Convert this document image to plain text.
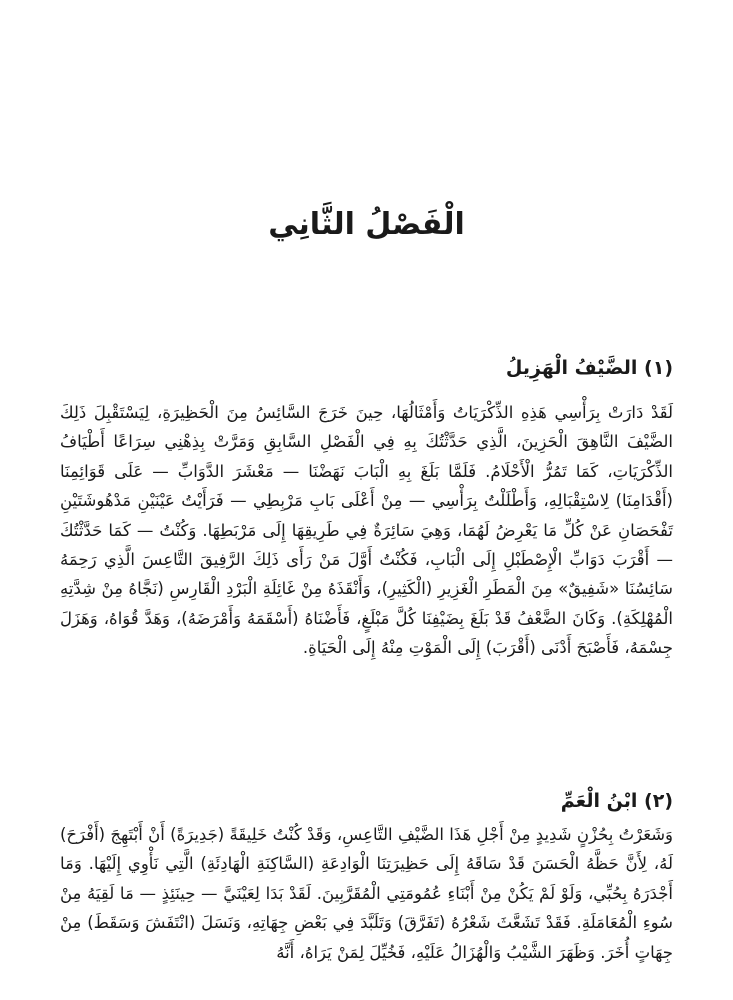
الْفَصْلُ الثَّانِي
(١) الضَّيْفُ الْهَزِيلُ

لَقَدْ دَارَتْ بِرَأْسِي هَذِهِ الذِّكْرَيَاتُ وَأَمْثَالُهَا، حِينَ خَرَجَ السَّائِسُ مِنَ الْحَظِيرَةِ، لِيَسْتَقْبِلَ ذَلِكَ الضَّيْفَ النَّاهِقَ الْحَزِينَ، الَّذِي حَدَّثْتُكَ بِهِ فِي الْفَصْلِ السَّابِقِ وَمَرَّتْ بِذِهْنِي سِرَاعًا أَطْيَافُ الذِّكْرَيَاتِ، كَمَا تَمُرُّ الْأَحْلَامُ. فَلَمَّا بَلَغَ بِهِ الْبَابَ نَهَضْنَا — مَعْشَرَ الدَّوَابِّ — عَلَى قَوَائِمِنَا (أَقْدَامِنَا) لِاسْتِقْبَالِهِ، وَأَطْلَلْتُ بِرَأْسِي — مِنْ أَعْلَى بَابِ مَرْبِطِي — فَرَأَيْتُ عَيْنَيْنِ مَدْهُوشَتَيْنِ تَفْحَصَانِ عَنْ كُلِّ مَا يَعْرِضُ لَهُمَا، وَهِيَ سَائِرَةٌ فِي طَرِيقِهَا إِلَى مَرْبَطِهَا. وَكُنْتُ — كَمَا حَدَّثْتُكَ — أَقْرَبَ دَوَابِّ الْإِصْطَبْلِ إِلَى الْبَابِ، فَكُنْتُ أَوَّلَ مَنْ رَأَى ذَلِكَ الرَّفِيقَ التَّاعِسَ الَّذِي رَحِمَهُ سَائِسُنَا «شَفِيقٌ» مِنَ الْمَطَرِ الْغَزِيرِ (الْكَثِيرِ)، وَأَنْقَذَهُ مِنْ غَائِلَةِ الْبَرْدِ الْقَارِسِ (نَجَّاهُ مِنْ شِدَّتِهِ الْمُهْلِكَةِ). وَكَانَ الضَّعْفُ قَدْ بَلَغَ بِضَيْفِنَا كُلَّ مَبْلَغٍ، فَأَضْنَاهُ (أَسْقَمَهُ وَأَمْرَضَهُ)، وَهَدَّ قُوَاهُ، وَهَزَلَ جِسْمَهُ، فَأَصْبَحَ أَدْنَى (أَقْرَبَ) إِلَى الْمَوْتِ مِنْهُ إِلَى الْحَيَاةِ.

(٢) ابْنُ الْعَمِّ

وَشَعَرْتُ بِحُزْنٍ شَدِيدٍ مِنْ أَجْلِ هَذَا الضَّيْفِ التَّاعِسِ، وَقَدْ كُنْتُ خَلِيقَةً (جَدِيرَةً) أَنْ أَبْتَهِجَ (أَفْرَحَ) لَهُ، لِأَنَّ حَظَّهُ الْحَسَنَ قَدْ سَاقَهُ إِلَى حَظِيرَتِنَا الْوَادِعَةِ (السَّاكِنَةِ الْهَادِئَةِ) الَّتِي نَأْوِي إِلَيْهَا. وَمَا أَجْدَرَهُ بِحُبِّي، وَلَوْ لَمْ يَكُنْ مِنْ أَبْنَاءِ عُمُومَتِي الْمُقَرَّبِينَ. لَقَدْ بَدَا لِعَيْنَيَّ — حِينَئِذٍ — مَا لَقِيَهُ مِنْ سُوءِ الْمُعَامَلَةِ. فَقَدْ تَشَعَّثَ شَعْرُهُ (تَفَرَّقَ) وَتَلَبَّدَ فِي بَعْضِ جِهَاتِهِ، وَنَسَلَ (انْتَفَشَ وَسَقَطَ) مِنْ جِهَاتٍ أُخَرَ. وَظَهَرَ الشَّيْبُ وَالْهُزَالُ عَلَيْهِ، فَخُيِّلَ لِمَنْ يَرَاهُ، أَنَّهُ
